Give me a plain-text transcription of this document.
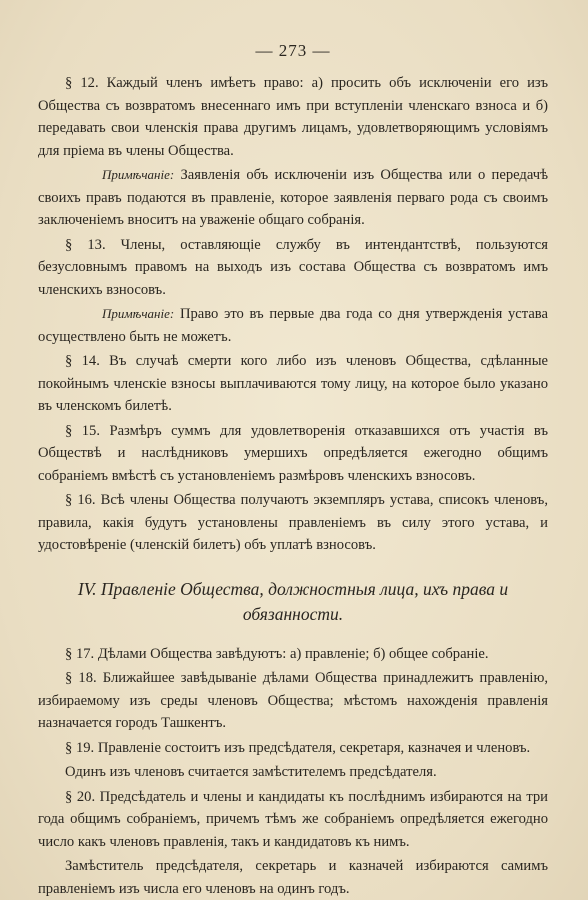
— 273 —

§ 12. Каждый членъ имѣетъ право: а) просить объ исключеніи его изъ Общества съ возвратомъ внесеннаго имъ при вступленіи членскаго взноса и б) передавать свои членскія права другимъ лицамъ, удовлетворяющимъ условіямъ для пріема въ члены Общества.

Примѣчаніе: Заявленія объ исключеніи изъ Общества или о передачѣ своихъ правъ подаются въ правленіе, которое заявленія перваго рода съ своимъ заключеніемъ вноситъ на уваженіе общаго собранія.

§ 13. Члены, оставляющіе службу въ интендантствѣ, пользуются безусловнымъ правомъ на выходъ изъ состава Общества съ возвратомъ имъ членскихъ взносовъ.

Примѣчаніе: Право это въ первые два года со дня утвержденія устава осуществлено быть не можетъ.

§ 14. Въ случаѣ смерти кого либо изъ членовъ Общества, сдѣланные покойнымъ членскіе взносы выплачиваются тому лицу, на которое было указано въ членскомъ билетѣ.

§ 15. Размѣръ суммъ для удовлетворенія отказавшихся отъ участія въ Обществѣ и наслѣдниковъ умершихъ опредѣляется ежегодно общимъ собраніемъ вмѣстѣ съ установленіемъ размѣровъ членскихъ взносовъ.

§ 16. Всѣ члены Общества получаютъ экземпляръ устава, списокъ членовъ, правила, какія будутъ установлены правленіемъ въ силу этого устава, и удостовѣреніе (членскій билетъ) объ уплатѣ взносовъ.

IV. Правленіе Общества, должностныя лица, ихъ права и обязанности.

§ 17. Дѣлами Общества завѣдуютъ: а) правленіе; б) общее собраніе.

§ 18. Ближайшее завѣдываніе дѣлами Общества принадлежитъ правленію, избираемому изъ среды членовъ Общества; мѣстомъ нахожденія правленія назначается городъ Ташкентъ.

§ 19. Правленіе состоитъ изъ предсѣдателя, секретаря, казначея и членовъ.

Одинъ изъ членовъ считается замѣстителемъ предсѣдателя.

§ 20. Предсѣдатель и члены и кандидаты къ послѣднимъ избираются на три года общимъ собраніемъ, причемъ тѣмъ же собраніемъ опредѣляется ежегодно число какъ членовъ правленія, такъ и кандидатовъ къ нимъ.

Замѣститель предсѣдателя, секретарь и казначей избираются самимъ правленіемъ изъ числа его членовъ на одинъ годъ.
